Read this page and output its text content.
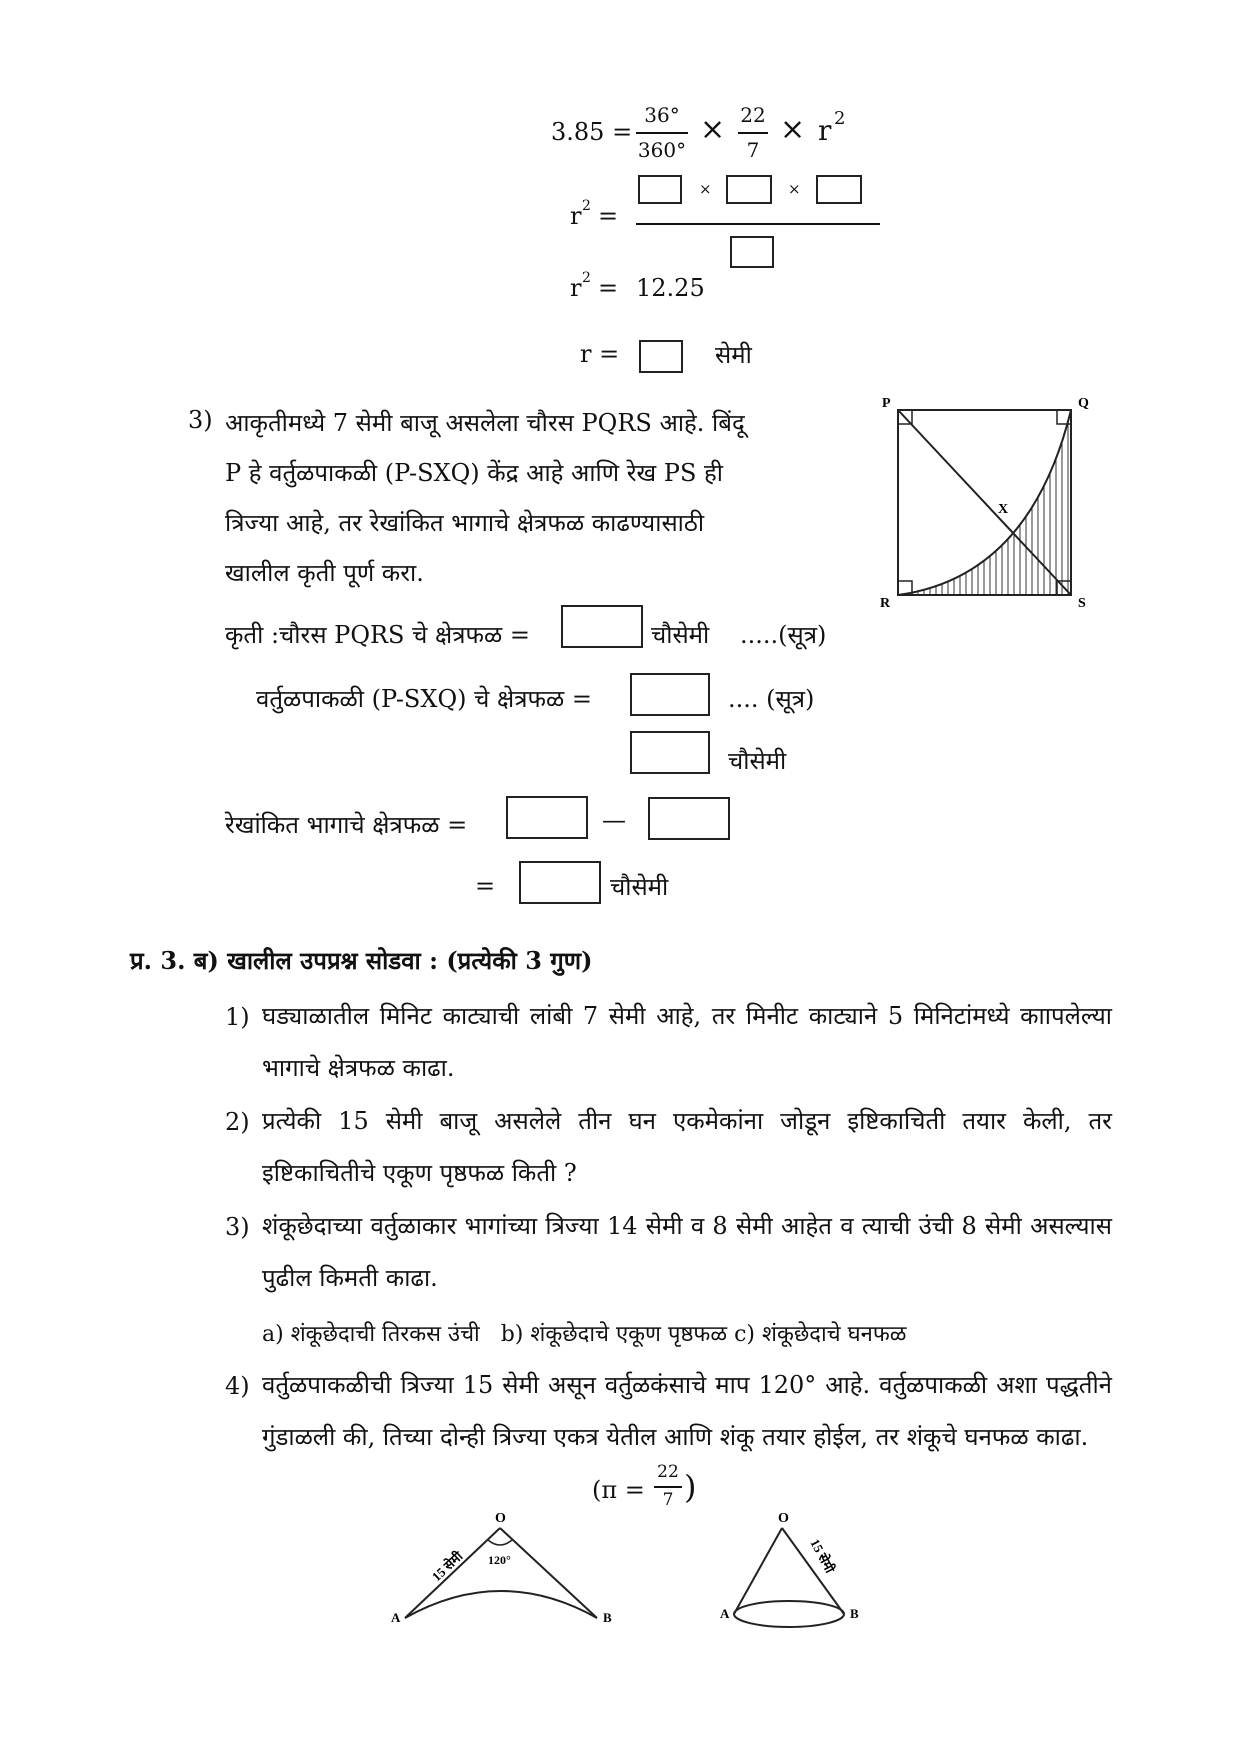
3.85 =
36°
360°
× 22
7
× r 2
r 2 =
×	×
r 2 = 12.25
r =	सेमी
3) आकृतीमध्ये 7 सेमी बाजू असलेला चौरस PQRS आहे. बिंदू
P हे वर्तुळपाकळी (P-SXQ) केंद्र आहे आणि रेख PS ही
त्रिज्या आहे, तर रेखांकित भागाचे क्षेत्रफळ काढण्यासाठी
खालील कृती पूर्ण करा.
कृती :चौरस PQRS चे क्षेत्रफळ =	चौसेमी .....(सूत्र)
वर्तुळपाकळी (P-SXQ) चे क्षेत्रफळ =	.... (सूत्र)
चौसेमी
रेखांकित भागाचे क्षेत्रफळ =	—
=	चौसेमी
P	Q
R	S
X
प्र. 3. ब) खालील उपप्रश्न सोडवा : (प्रत्येकी 3 गुण)
1) घड्याळातील मिनिट काट्याची लांबी 7 सेमी आहे, तर मिनीट काट्याने 5 मिनिटांमध्ये काापलेल्या भागाचे क्षेत्रफळ काढा.
2) प्रत्येकी 15 सेमी बाजू असलेले तीन घन एकमेकांना जोडून इष्टिकाचिती तयार केली, तर इष्टिकाचितीचे एकूण पृष्ठफळ किती ?
3) शंकूछेदाच्या वर्तुळाकार भागांच्या त्रिज्या 14 सेमी व 8 सेमी आहेत व त्याची उंची 8 सेमी असल्यास पुढील किमती काढा.
a) शंकूछेदाची तिरकस उंची   b) शंकूछेदाचे एकूण पृष्ठफळ c) शंकूछेदाचे घनफळ
4) वर्तुळपाकळीची त्रिज्या 15 सेमी असून वर्तुळकंसाचे माप 120° आहे. वर्तुळपाकळी अशा पद्धतीने गुंडाळली की, तिच्या दोन्ही त्रिज्या एकत्र येतील आणि शंकू तयार होईल, तर शंकूचे घनफळ काढा.
(π =
22
7 )
O
A	B
120°
15 सेमी
O
A	B
15 सेमी
